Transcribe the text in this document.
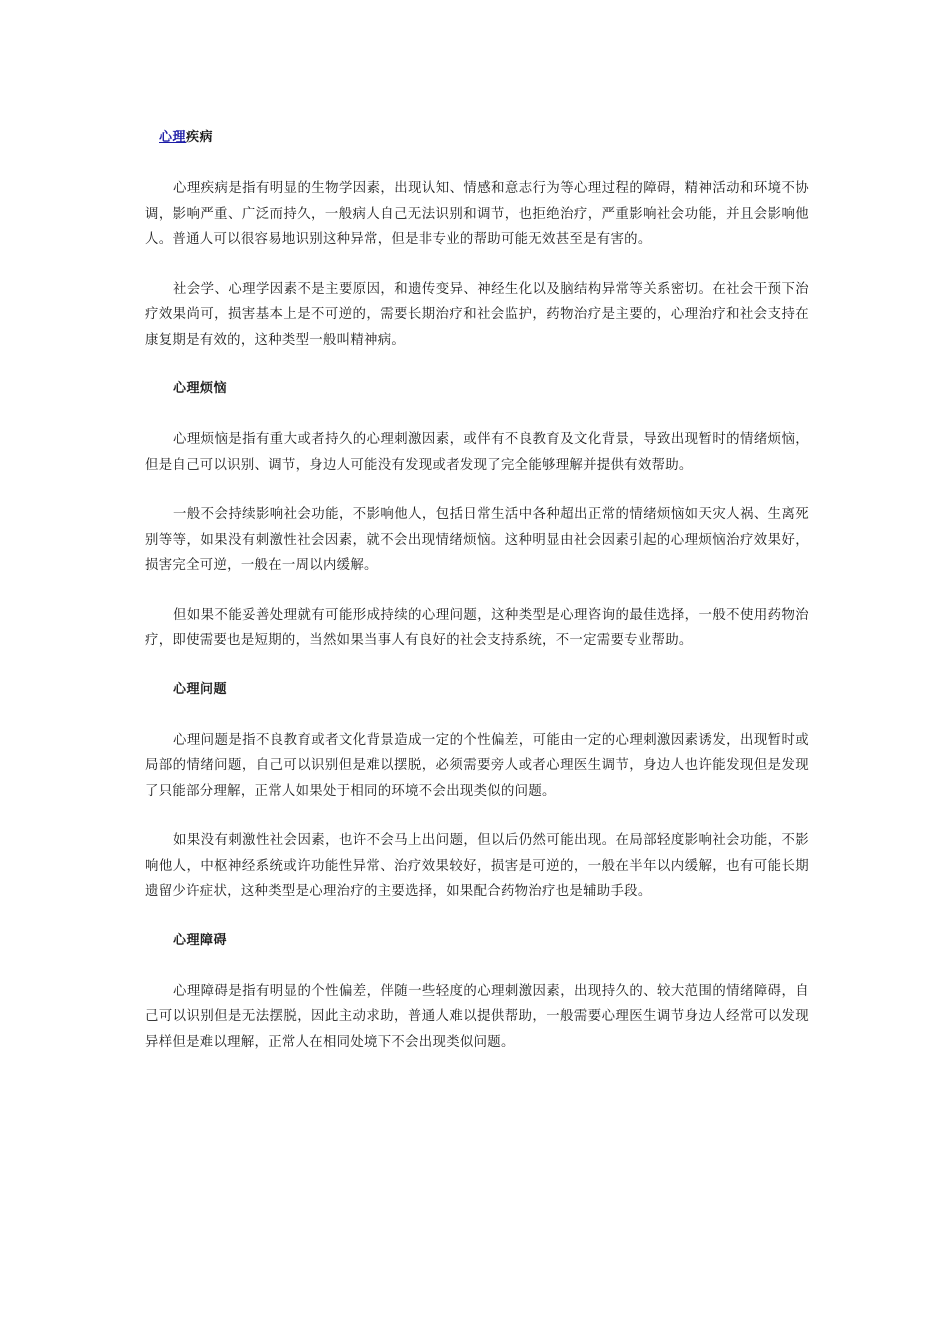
心理疾病

心理疾病是指有明显的生物学因素，出现认知、情感和意志行为等心理过程的障碍，精神活动和环境不协调，影响严重、广泛而持久，一般病人自己无法识别和调节，也拒绝治疗，严重影响社会功能，并且会影响他人。普通人可以很容易地识别这种异常，但是非专业的帮助可能无效甚至是有害的。

社会学、心理学因素不是主要原因，和遗传变异、神经生化以及脑结构异常等关系密切。在社会干预下治疗效果尚可，损害基本上是不可逆的，需要长期治疗和社会监护，药物治疗是主要的，心理治疗和社会支持在康复期是有效的，这种类型一般叫精神病。

心理烦恼

心理烦恼是指有重大或者持久的心理刺激因素，或伴有不良教育及文化背景，导致出现暂时的情绪烦恼，但是自己可以识别、调节，身边人可能没有发现或者发现了完全能够理解并提供有效帮助。

一般不会持续影响社会功能，不影响他人，包括日常生活中各种超出正常的情绪烦恼如天灾人祸、生离死别等等，如果没有刺激性社会因素，就不会出现情绪烦恼。这种明显由社会因素引起的心理烦恼治疗效果好，损害完全可逆，一般在一周以内缓解。

但如果不能妥善处理就有可能形成持续的心理问题，这种类型是心理咨询的最佳选择，一般不使用药物治疗，即使需要也是短期的，当然如果当事人有良好的社会支持系统，不一定需要专业帮助。

心理问题

心理问题是指不良教育或者文化背景造成一定的个性偏差，可能由一定的心理刺激因素诱发，出现暂时或局部的情绪问题，自己可以识别但是难以摆脱，必须需要旁人或者心理医生调节，身边人也许能发现但是发现了只能部分理解，正常人如果处于相同的环境不会出现类似的问题。

如果没有刺激性社会因素，也许不会马上出问题，但以后仍然可能出现。在局部轻度影响社会功能，不影响他人，中枢神经系统或许功能性异常、治疗效果较好，损害是可逆的，一般在半年以内缓解，也有可能长期遗留少许症状，这种类型是心理治疗的主要选择，如果配合药物治疗也是辅助手段。

心理障碍

心理障碍是指有明显的个性偏差，伴随一些轻度的心理刺激因素，出现持久的、较大范围的情绪障碍，自己可以识别但是无法摆脱，因此主动求助，普通人难以提供帮助，一般需要心理医生调节身边人经常可以发现异样但是难以理解，正常人在相同处境下不会出现类似问题。
